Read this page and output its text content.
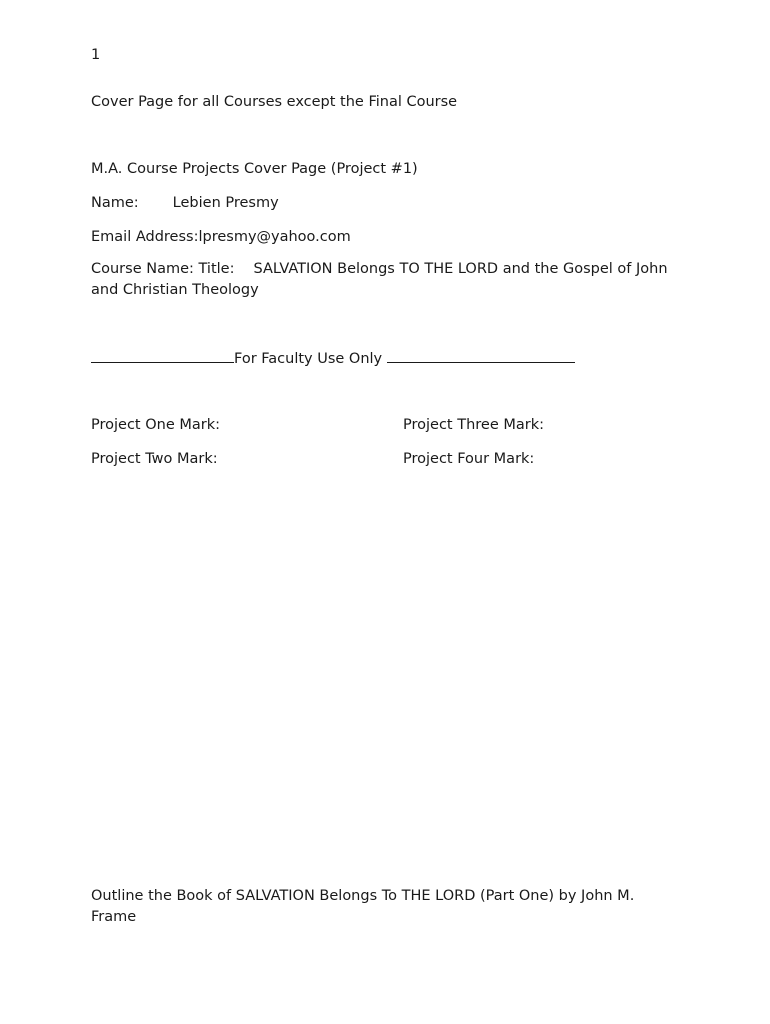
1
Cover Page for all Courses except the Final Course
M.A. Course Projects Cover Page (Project #1)
Name: Lebien Presmy
Email Address:lpresmy@yahoo.com
Course Name: Title: SALVATION Belongs TO THE LORD and the Gospel of John and Christian Theology
For Faculty Use Only
Project One Mark:	Project Three Mark:
Project Two Mark:	Project Four Mark:
Outline the Book of SALVATION Belongs To THE LORD (Part One) by John M. Frame
